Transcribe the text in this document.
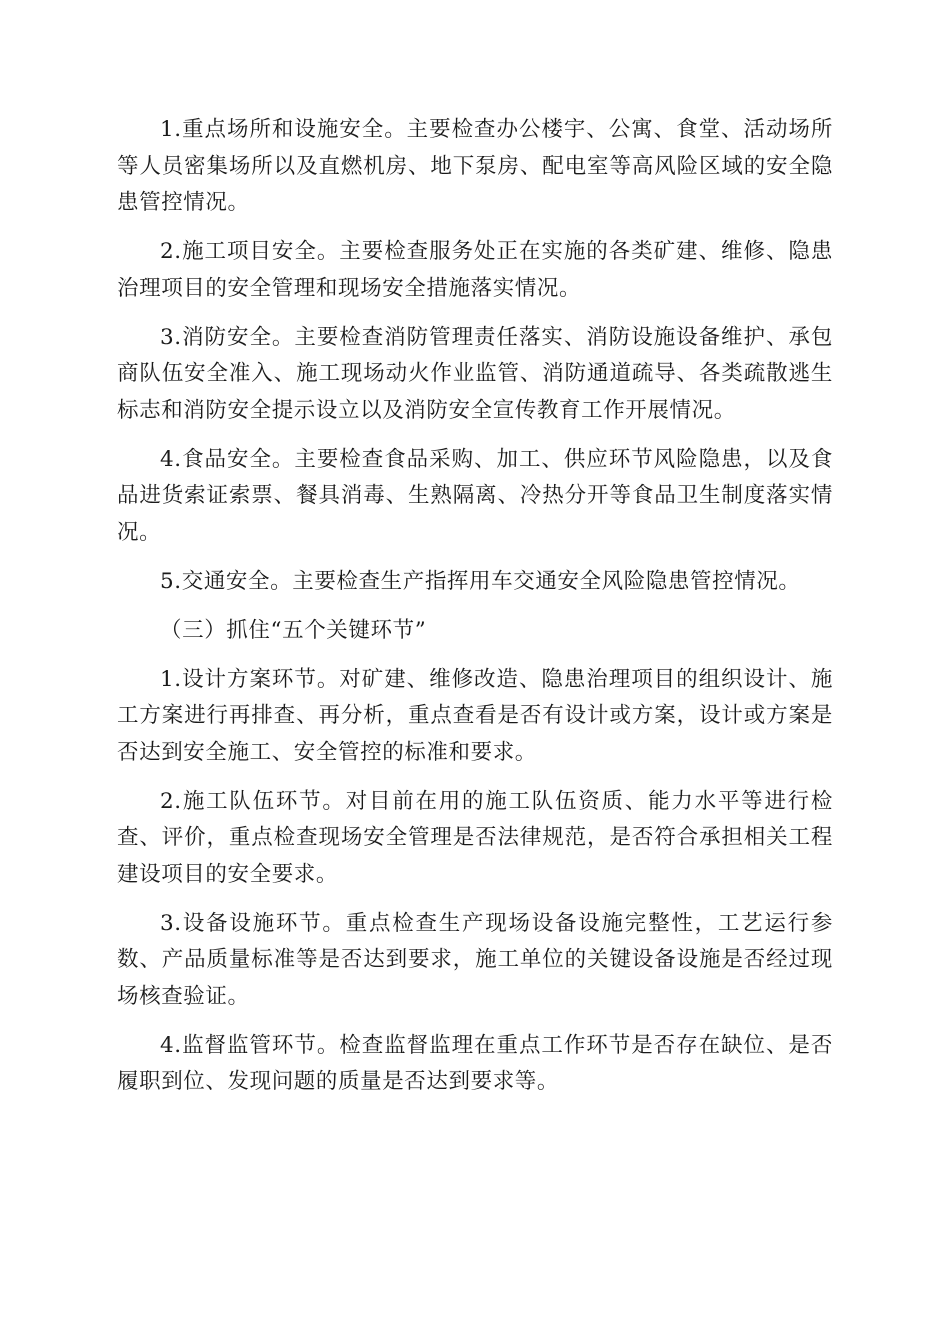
1.重点场所和设施安全。主要检查办公楼宇、公寓、食堂、活动场所等人员密集场所以及直燃机房、地下泵房、配电室等高风险区域的安全隐患管控情况。

2.施工项目安全。主要检查服务处正在实施的各类矿建、维修、隐患治理项目的安全管理和现场安全措施落实情况。

3.消防安全。主要检查消防管理责任落实、消防设施设备维护、承包商队伍安全准入、施工现场动火作业监管、消防通道疏导、各类疏散逃生标志和消防安全提示设立以及消防安全宣传教育工作开展情况。

4.食品安全。主要检查食品采购、加工、供应环节风险隐患，以及食品进货索证索票、餐具消毒、生熟隔离、冷热分开等食品卫生制度落实情况。

5.交通安全。主要检查生产指挥用车交通安全风险隐患管控情况。

（三）抓住“五个关键环节”

1.设计方案环节。对矿建、维修改造、隐患治理项目的组织设计、施工方案进行再排查、再分析，重点查看是否有设计或方案，设计或方案是否达到安全施工、安全管控的标准和要求。

2.施工队伍环节。对目前在用的施工队伍资质、能力水平等进行检查、评价，重点检查现场安全管理是否法律规范，是否符合承担相关工程建设项目的安全要求。

3.设备设施环节。重点检查生产现场设备设施完整性，工艺运行参数、产品质量标准等是否达到要求，施工单位的关键设备设施是否经过现场核查验证。

4.监督监管环节。检查监督监理在重点工作环节是否存在缺位、是否履职到位、发现问题的质量是否达到要求等。
